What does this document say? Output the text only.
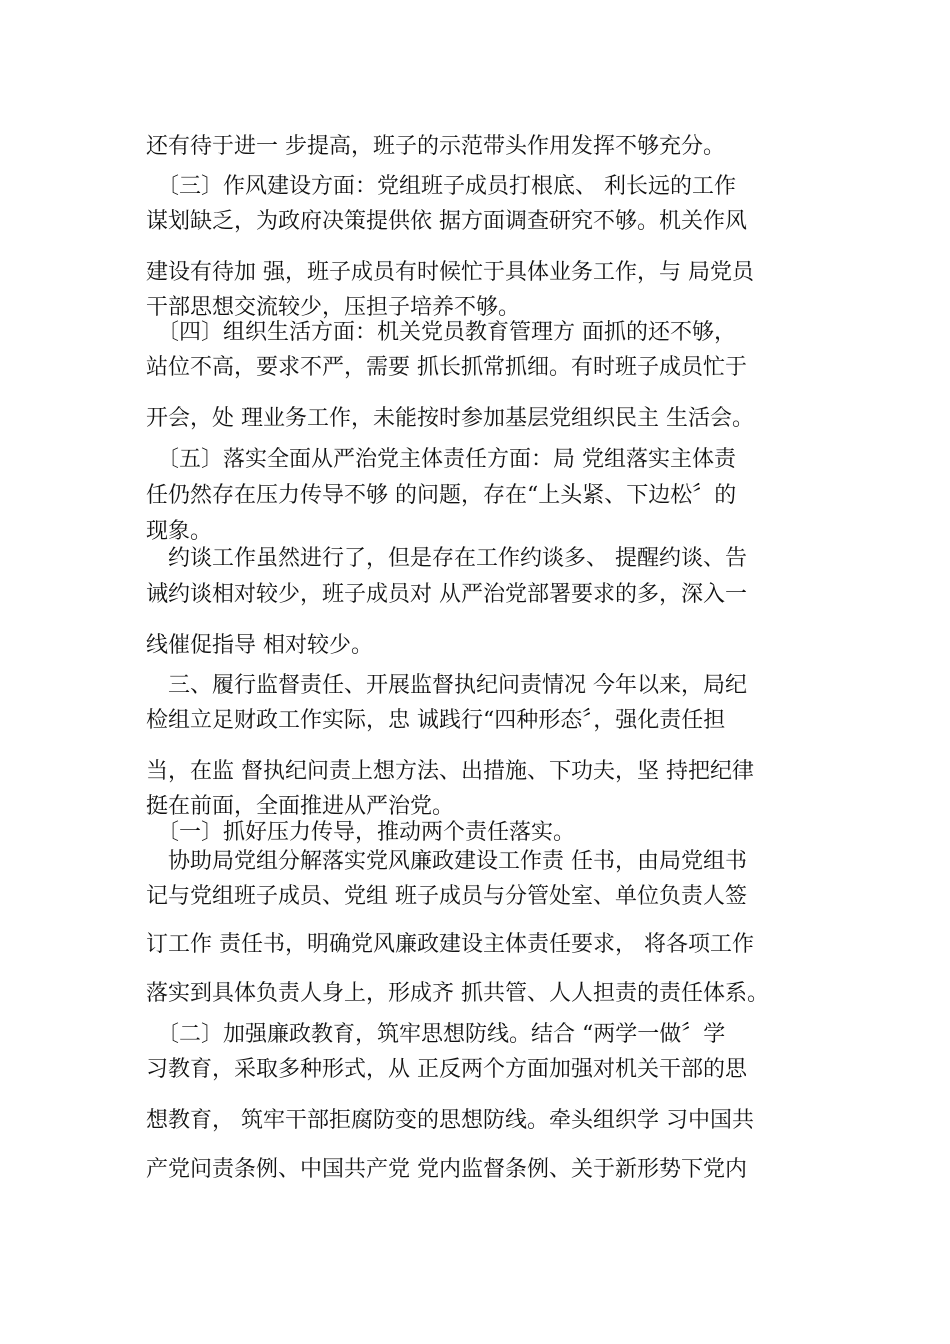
还有待于进一 步提高，班子的示范带头作用发挥不够充分。
　〔三〕作风建设方面：党组班子成员打根底、 利长远的工作
谋划缺乏，为政府决策提供依 据方面调查研究不够。机关作风
建设有待加 强，班子成员有时候忙于具体业务工作，与 局党员
干部思想交流较少，压担子培养不够。
　〔四〕组织生活方面：机关党员教育管理方 面抓的还不够，
站位不高，要求不严，需要 抓长抓常抓细。有时班子成员忙于
开会，处 理业务工作，未能按时参加基层党组织民主 生活会。
　〔五〕落实全面从严治党主体责任方面：局 党组落实主体责
任仍然存在压力传导不够 的问题，存在“上头紧、下边松〞的
现象。
　约谈工作虽然进行了，但是存在工作约谈多、 提醒约谈、告
诫约谈相对较少，班子成员对 从严治党部署要求的多，深入一
线催促指导 相对较少。
　三、履行监督责任、开展监督执纪问责情况 今年以来，局纪
检组立足财政工作实际，忠 诚践行“四种形态〞，强化责任担
当，在监 督执纪问责上想方法、出措施、下功夫，坚 持把纪律
挺在前面，全面推进从严治党。
　〔一〕抓好压力传导，推动两个责任落实。
　协助局党组分解落实党风廉政建设工作责 任书，由局党组书
记与党组班子成员、党组 班子成员与分管处室、单位负责人签
订工作 责任书，明确党风廉政建设主体责任要求， 将各项工作
落实到具体负责人身上，形成齐 抓共管、人人担责的责任体系。
　〔二〕加强廉政教育，筑牢思想防线。结合 “两学一做〞学
习教育，采取多种形式，从 正反两个方面加强对机关干部的思
想教育， 筑牢干部拒腐防变的思想防线。牵头组织学 习中国共
产党问责条例、中国共产党 党内监督条例、关于新形势下党内
